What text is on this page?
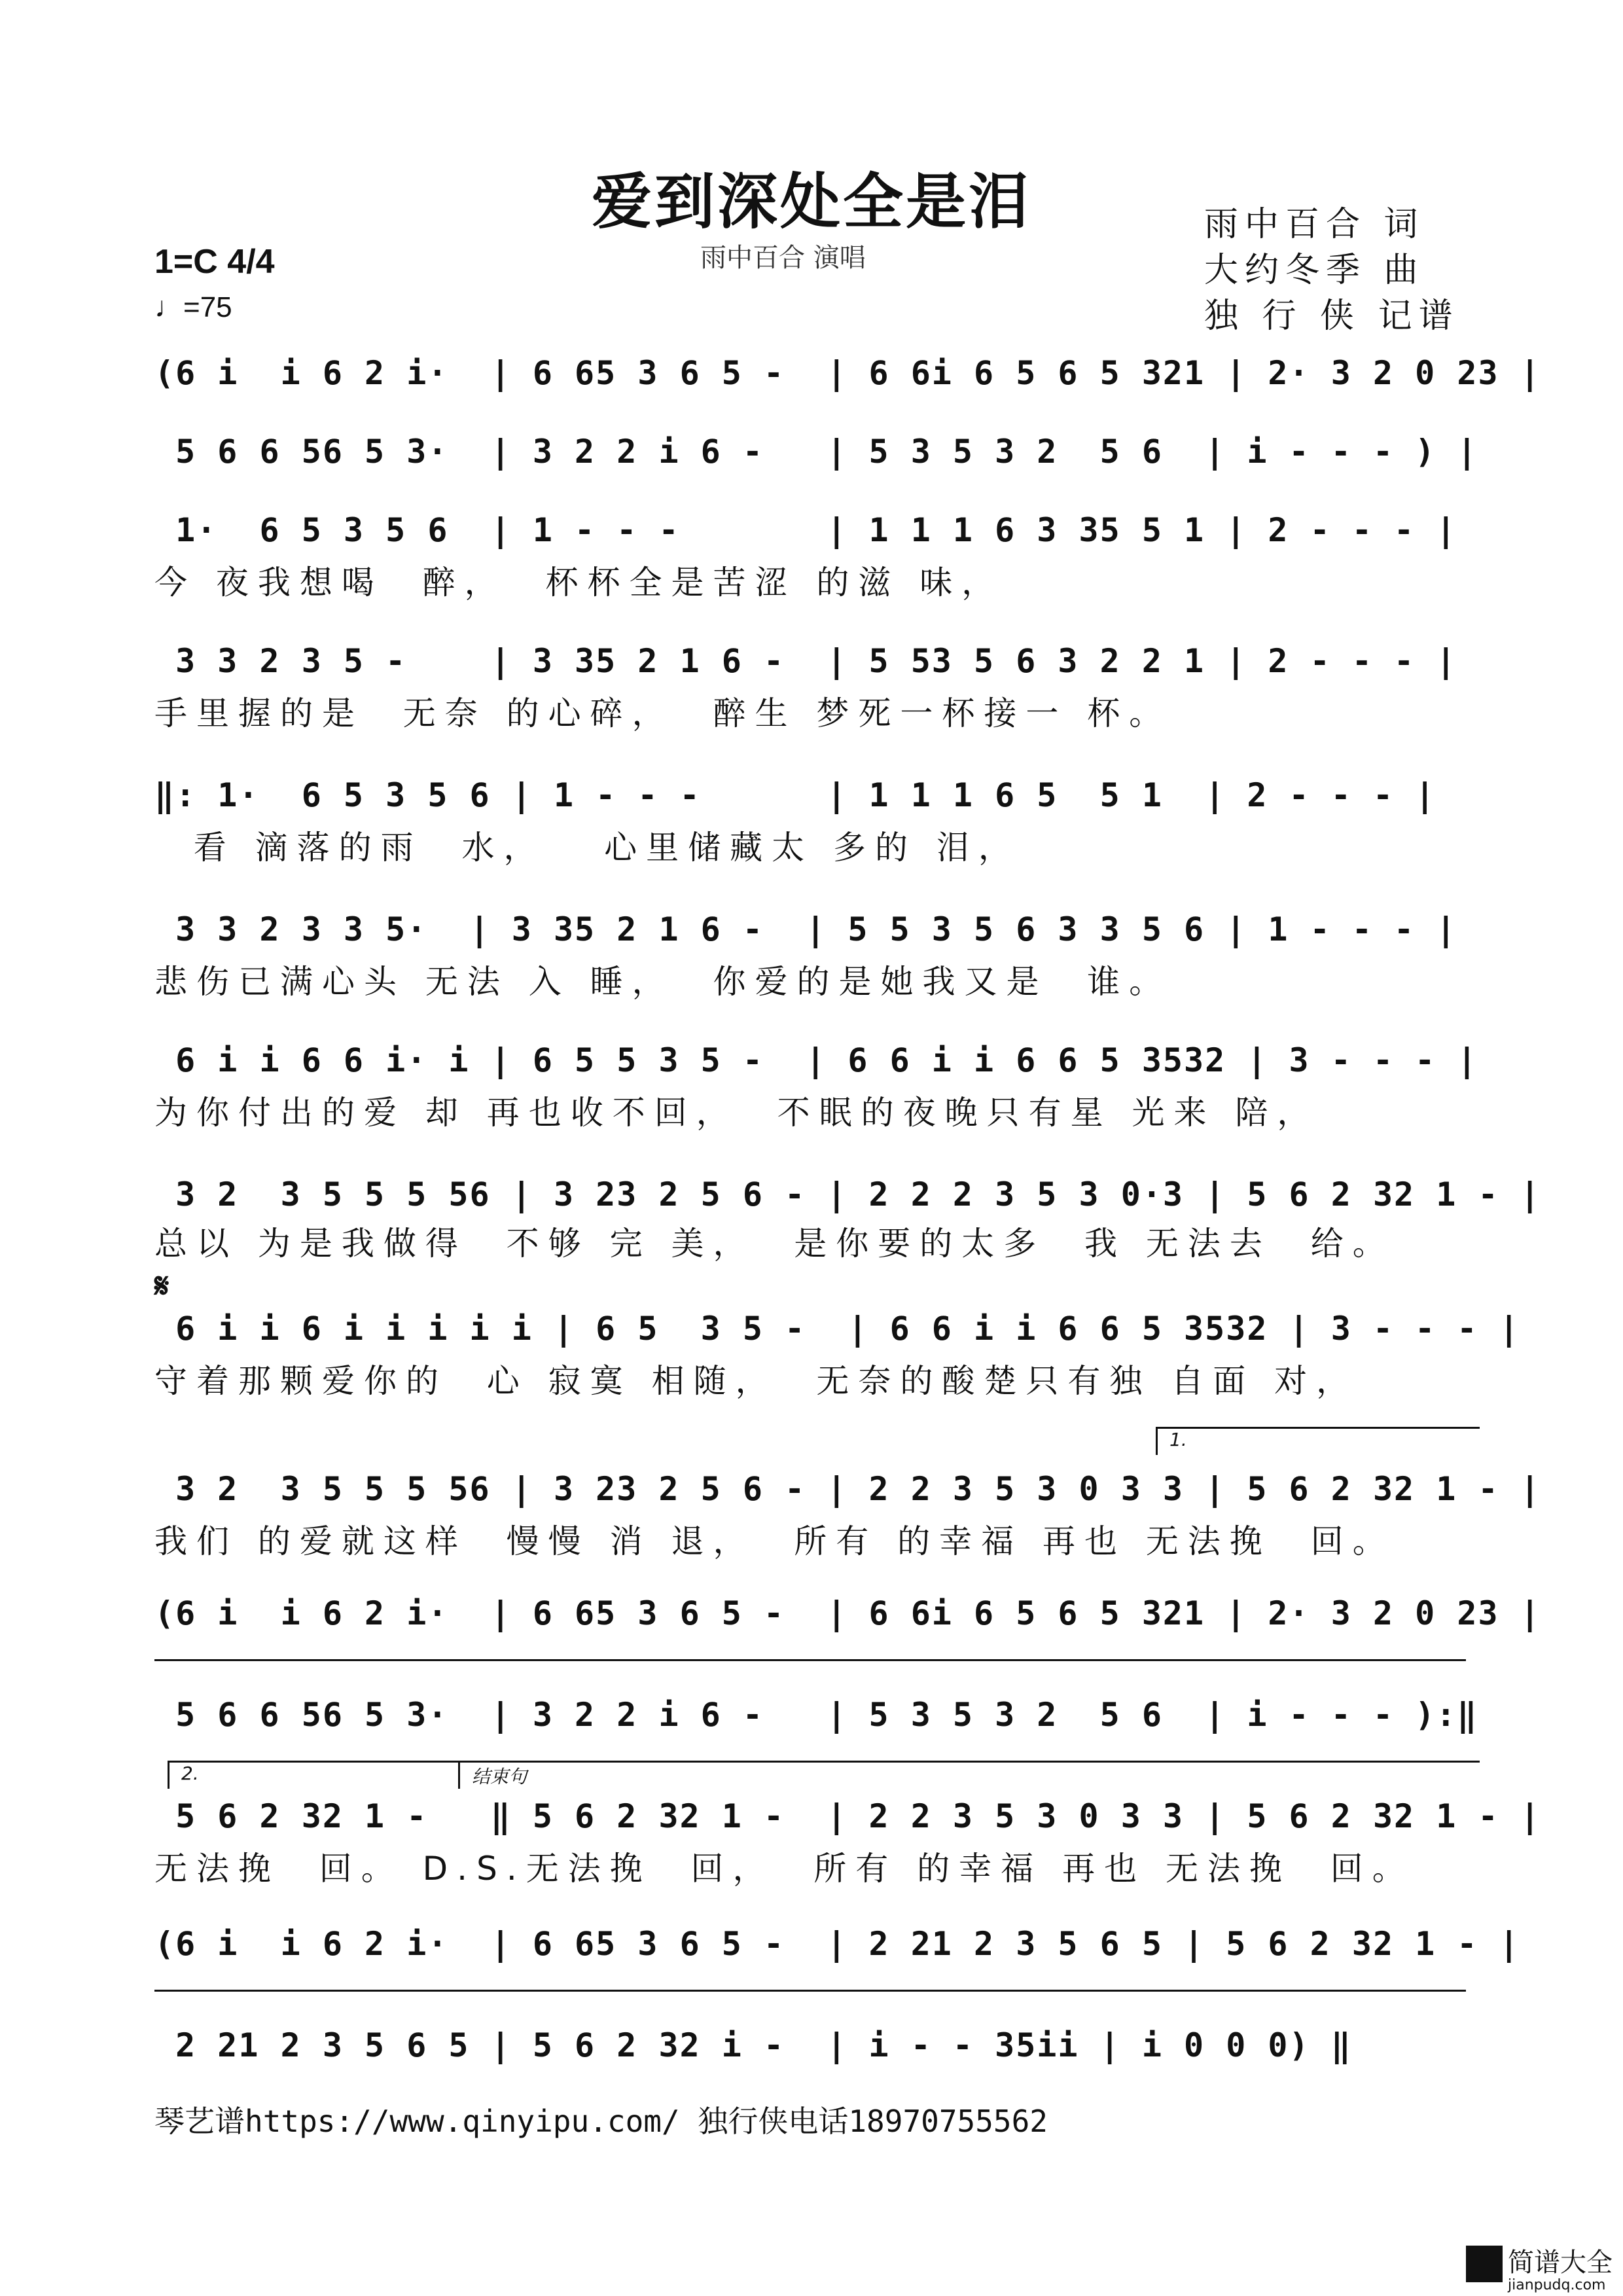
爱到深处全是泪
雨中百合 演唱
雨中百合 词
大约冬季 曲
独 行 侠 记谱
1=C 4/4
♩=75
(6 i  i 6 2 i·  | 6 65 3 6 5 -  | 6 6i 6 5 6 5 321 | 2· 3 2 0 23 |
5 6 6 56 5 3·  | 3 2 2 i 6 -   | 5 3 5 3 2  5 6  | i - - - ) |
1·  6 5 3 5 6  | 1 - - -       | 1 1 1 6 3 35 5 1 | 2 - - - |
今 夜我想喝  醉，  杯杯全是苦涩 的滋 味，
3 3 2 3 5 -    | 3 35 2 1 6 -  | 5 53 5 6 3 2 2 1 | 2 - - - |
手里握的是  无奈 的心碎，  醉生 梦死一杯接一 杯。
‖: 1·  6 5 3 5 6 | 1 - - -      | 1 1 1 6 5  5 1  | 2 - - - |
看 滴落的雨  水，   心里储藏太 多的 泪，
3 3 2 3 3 5·  | 3 35 2 1 6 -  | 5 5 3 5 6 3 3 5 6 | 1 - - - |
悲伤已满心头 无法 入 睡，  你爱的是她我又是  谁。
6 i i 6 6 i· i | 6 5 5 3 5 -  | 6 6 i i 6 6 5 3532 | 3 - - - |
为你付出的爱 却 再也收不回，  不眠的夜晚只有星 光来 陪，
3 2  3 5 5 5 56 | 3 23 2 5 6 - | 2 2 2 3 5 3 0·3 | 5 6 2 32 1 - |
总以 为是我做得  不够 完 美，  是你要的太多  我 无法去  给。
𝄋
6 i i 6 i i i i i | 6 5  3 5 -  | 6 6 i i 6 6 5 3532 | 3 - - - |
守着那颗爱你的  心 寂寞 相随，  无奈的酸楚只有独 自面 对，
1.
3 2  3 5 5 5 56 | 3 23 2 5 6 - | 2 2 3 5 3 0 3 3 | 5 6 2 32 1 - |
我们 的爱就这样  慢慢 消 退，  所有 的幸福 再也 无法挽  回。
(6 i  i 6 2 i·  | 6 65 3 6 5 -  | 6 6i 6 5 6 5 321 | 2· 3 2 0 23 |
5 6 6 56 5 3·  | 3 2 2 i 6 -   | 5 3 5 3 2  5 6  | i - - - ):‖
2.	结束句
5 6 2 32 1 -   ‖ 5 6 2 32 1 -  | 2 2 3 5 3 0 3 3 | 5 6 2 32 1 - |
无法挽  回。 D.S.无法挽  回，  所有 的幸福 再也 无法挽  回。
(6 i  i 6 2 i·  | 6 65 3 6 5 -  | 2 21 2 3 5 6 5 | 5 6 2 32 1 - |
2 21 2 3 5 6 5 | 5 6 2 32 i -  | i - - 35ii | i 0 0 0) ‖
琴艺谱https://www.qinyipu.com/ 独行侠电话18970755562
简谱大全
jianpudq.com
